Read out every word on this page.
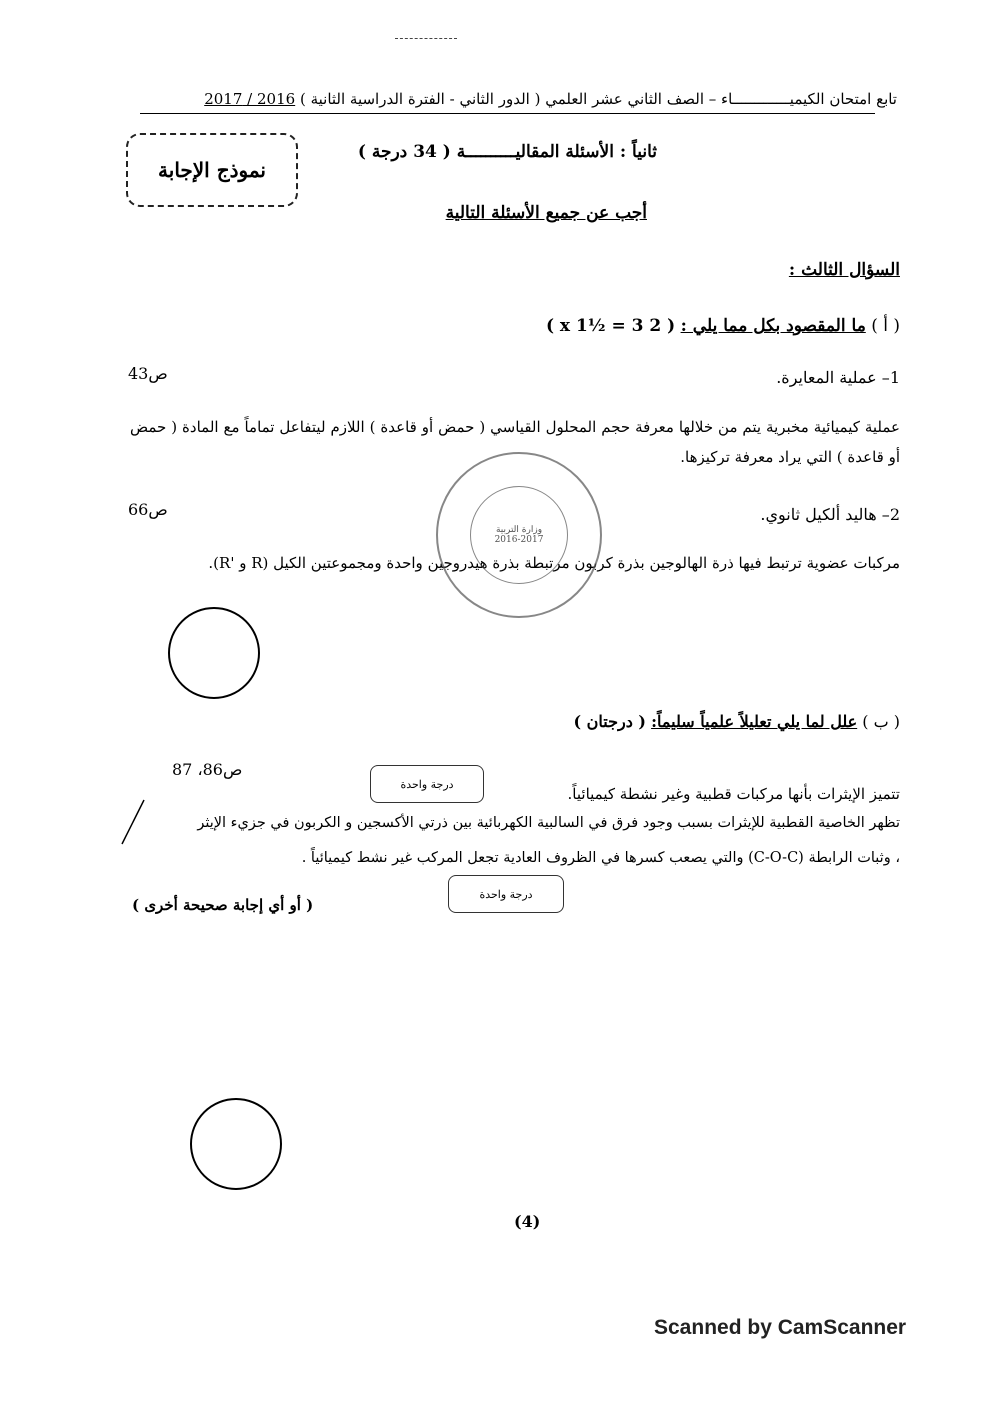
تابع امتحان الكيميـــــــــــــاء – الصف الثاني عشر العلمي ( الدور الثاني - الفترة الدراسية الثانية ) 2016 / 2017
نموذج الإجابة
ثانياً : الأسئلة المقاليــــــــــة ( 34 درجة )
أجب عن جميع الأسئلة التالية
السؤال الثالث :
( أ ) ما المقصود بكل مما يلي : ( 2 x 1½ = 3 )
1– عملية المعايرة.
ص43
عملية كيميائية مخبرية يتم من خلالها معرفة حجم المحلول القياسي ( حمض أو قاعدة ) اللازم ليتفاعل تماماً مع المادة ( حمض أو قاعدة ) التي يراد معرفة تركيزها.
2– هاليد ألكيل ثانوي.
ص66
مركبات عضوية ترتبط فيها ذرة الهالوجين بذرة كربون مرتبطة بذرة هيدروجين واحدة ومجموعتين الكيل (R و 'R).
وزارة التربية
2016-2017
( ب ) علل لما يلي تعليلاً علمياً سليماً: ( درجتان )
تتميز الإيثرات بأنها مركبات قطبية وغير نشطة كيميائياً.
ص86، 87
درجة واحدة
تظهر الخاصية القطبية للإيثرات بسبب وجود فرق في السالبية الكهربائية بين ذرتي الأكسجين و الكربون في جزيء الإيثر
، وثبات الرابطة (C-O-C) والتي يصعب كسرها في الظروف العادية تجعل المركب غير نشط كيميائياً .
درجة واحدة
( أو أي إجابة صحيحة أخرى )
(4)
Scanned by CamScanner
